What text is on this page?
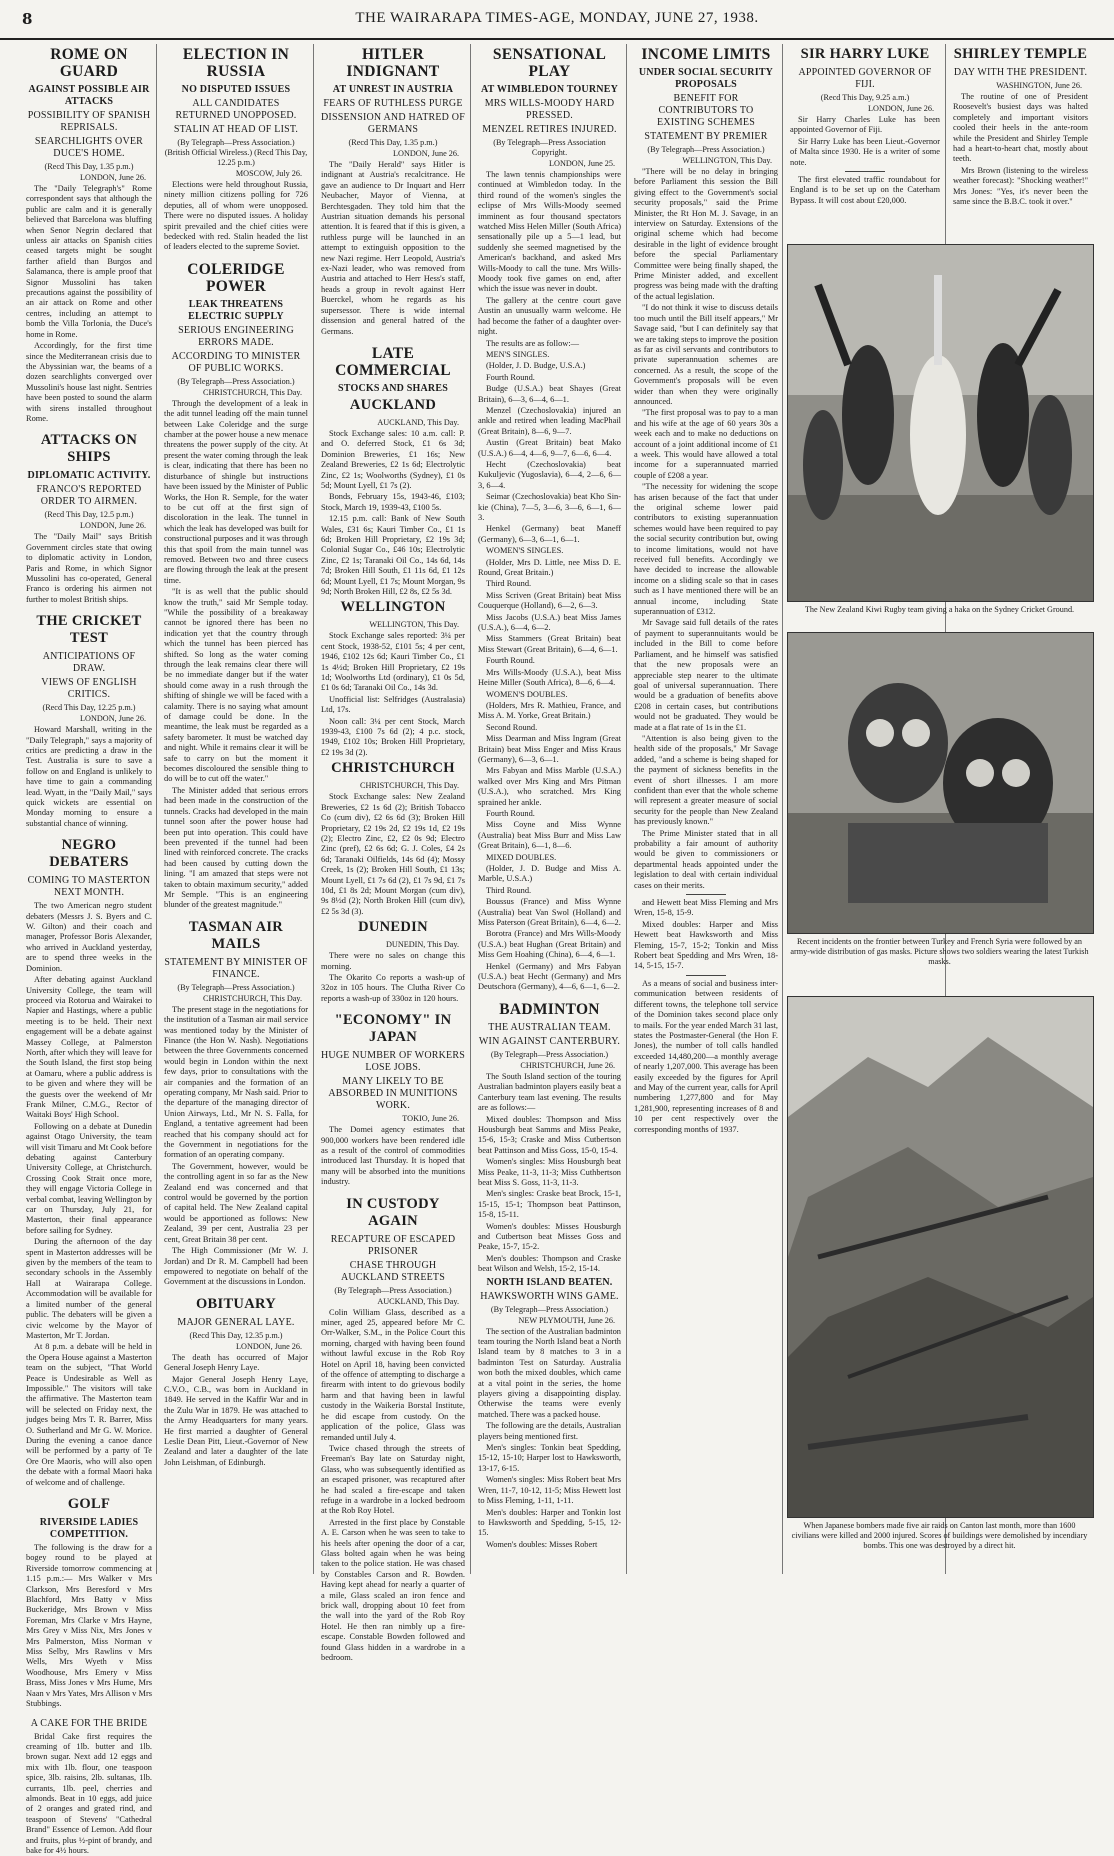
8	THE WAIRARAPA TIMES-AGE, MONDAY, JUNE 27, 1938.
ROME ON GUARD
AGAINST POSSIBLE AIR ATTACKS
POSSIBILITY OF SPANISH REPRISALS.
SEARCHLIGHTS OVER DUCE'S HOME.
(Recd This Day, 1.35 p.m.)
LONDON, June 26.

The "Daily Telegraph's" Rome correspondent says that although the public are calm and it is generally believed that Barcelona was bluffing when Senor Negrin declared that unless air attacks on Spanish cities ceased targets might be sought farther afield than Burgos and Salamanca, there is ample proof that Signor Mussolini has taken precautions against the possibility of an air attack on Rome and other centres, including an attempt to bomb the Villa Torlonia, the Duce's home in Rome.

Accordingly, for the first time since the Mediterranean crisis due to the Abyssinian war, the beams of a dozen searchlights converged over Mussolini's house last night. Sentries have been posted to sound the alarm with sirens installed throughout Rome.

ATTACKS ON SHIPS
DIPLOMATIC ACTIVITY.
FRANCO'S REPORTED ORDER TO AIRMEN.
(Recd This Day, 12.5 p.m.)
LONDON, June 26.

The "Daily Mail" says British Government circles state that owing to diplomatic activity in London, Paris and Rome, in which Signor Mussolini has co-operated, General Franco is ordering his airmen not further to molest British ships.

THE CRICKET TEST
ANTICIPATIONS OF DRAW.
VIEWS OF ENGLISH CRITICS.
(Recd This Day, 12.25 p.m.)
LONDON, June 26.

Howard Marshall, writing in the "Daily Telegraph," says a majority of critics are predicting a draw in the Test. Australia is sure to save a follow on and England is unlikely to have time to gain a commanding lead. Wyatt, in the "Daily Mail," says quick wickets are essential on Monday morning to ensure a substantial chance of winning.

NEGRO DEBATERS
COMING TO MASTERTON NEXT MONTH.

The two American negro student debaters (Messrs J. S. Byers and C. W. Gilton) and their coach and manager, Professor Boris Alexander, who arrived in Auckland yesterday, are to spend three weeks in the Dominion.

After debating against Auckland University College, the team will proceed via Rotorua and Wairakei to Napier and Hastings, where a public meeting is to be held. Their next engagement will be a debate against Massey College, at Palmerston North, after which they will leave for the South Island, the first stop being at Oamaru, where a public address is to be given and where they will be the guests over the weekend of Mr Frank Milner, C.M.G., Rector of Waitaki Boys' High School.

Following on a debate at Dunedin against Otago University, the team will visit Timaru and Mt Cook before debating against Canterbury University College, at Christchurch. Crossing Cook Strait once more, they will engage Victoria College in verbal combat, leaving Wellington by car on Thursday, July 21, for Masterton, their final appearance before sailing for Sydney.

During the afternoon of the day spent in Masterton addresses will be given by the members of the team to secondary schools in the Assembly Hall at Wairarapa College. Accommodation will be available for a limited number of the general public. The debaters will be given a civic welcome by the Mayor of Masterton, Mr T. Jordan.

At 8 p.m. a debate will be held in the Opera House against a Masterton team on the subject, "That World Peace is Undesirable as Well as Impossible." The visitors will take the affirmative. The Masterton team will be selected on Friday next, the judges being Mrs T. R. Barrer, Miss O. Sutherland and Mr G. W. Morice. During the evening a canoe dance will be performed by a party of Te Ore Ore Maoris, who will also open the debate with a formal Maori haka of welcome and of challenge.

GOLF
RIVERSIDE LADIES COMPETITION.

The following is the draw for a bogey round to be played at Riverside tomorrow commencing at 1.15 p.m.:— Mrs Walker v Mrs Clarkson, Mrs Beresford v Mrs Blachford, Mrs Batty v Miss Buckeridge, Mrs Brown v Miss Foreman, Mrs Clarke v Mrs Hayne, Mrs Grey v Miss Nix, Mrs Jones v Mrs Palmerston, Miss Norman v Miss Selby, Mrs Rawlins v Mrs Wells, Mrs Wyeth v Miss Woodhouse, Mrs Emery v Miss Brass, Miss Jones v Mrs Hume, Mrs Naan v Mrs Yates, Mrs Allison v Mrs Stubbings.

A CAKE FOR THE BRIDE

Bridal Cake first requires the creaming of 1lb. butter and 1lb. brown sugar. Next add 12 eggs and mix with 1lb. flour, one teaspoon spice, 3lb. raisins, 2lb. sultanas, 1lb. currants, 1lb. peel, cherries and almonds. Beat in 10 eggs, add juice of 2 oranges and grated rind, and teaspoon of Stevens' "Cathedral Brand" Essence of Lemon. Add flour and fruits, plus ½-pint of brandy, and bake for 4½ hours.

ELECTION IN RUSSIA
NO DISPUTED ISSUES
ALL CANDIDATES RETURNED UNOPPOSED.
STALIN AT HEAD OF LIST.
(By Telegraph—Press Association.) (British Official Wireless.) (Recd This Day, 12.25 p.m.)
MOSCOW, July 26.

Elections were held throughout Russia, ninety million citizens polling for 726 deputies, all of whom were unopposed. There were no disputed issues. A holiday spirit prevailed and the chief cities were bedecked with red. Stalin headed the list of leaders elected to the supreme Soviet.

COLERIDGE POWER
LEAK THREATENS ELECTRIC SUPPLY
SERIOUS ENGINEERING ERRORS MADE.
ACCORDING TO MINISTER OF PUBLIC WORKS.
(By Telegraph—Press Association.)
CHRISTCHURCH, This Day.

Through the development of a leak in the adit tunnel leading off the main tunnel between Lake Coleridge and the surge chamber at the power house a new menace threatens the power supply of the city. At present the water coming through the leak is clear, indicating that there has been no disturbance of shingle but instructions have been issued by the Minister of Public Works, the Hon R. Semple, for the water to be cut off at the first sign of discoloration in the leak. The tunnel in which the leak has developed was built for constructional purposes and it was through this that spoil from the main tunnel was removed. Between two and three cusecs are flowing through the leak at the present time.

"It is as well that the public should know the truth," said Mr Semple today. "While the possibility of a breakaway cannot be ignored there has been no indication yet that the country through which the tunnel has been pierced has shifted. So long as the water coming through the leak remains clear there will be no immediate danger but if the water should come away in a rush through the shifting of shingle we will be faced with a calamity. There is no saying what amount of damage could be done. In the meantime, the leak must be regarded as a safety barometer. It must be watched day and night. While it remains clear it will be safe to carry on but the moment it becomes discoloured the sensible thing to do will be to cut off the water."

The Minister added that serious errors had been made in the construction of the tunnels. Cracks had developed in the main tunnel soon after the power house had been put into operation. This could have been prevented if the tunnel had been lined with reinforced concrete. The cracks had been caused by cutting down the lining. "I am amazed that steps were not taken to obtain maximum security," added Mr Semple. "This is an engineering blunder of the greatest magnitude."

TASMAN AIR MAILS
STATEMENT BY MINISTER OF FINANCE.
(By Telegraph—Press Association.)
CHRISTCHURCH, This Day.

The present stage in the negotiations for the institution of a Tasman air mail service was mentioned today by the Minister of Finance (the Hon W. Nash). Negotiations between the three Governments concerned would begin in London within the next few days, prior to consultations with the air companies and the formation of an operating company, Mr Nash said. Prior to the departure of the managing director of Union Airways, Ltd., Mr N. S. Falla, for England, a tentative agreement had been reached that his company should act for the Government in negotiations for the formation of an operating company.

The Government, however, would be the controlling agent in so far as the New Zealand end was concerned and that control would be governed by the portion of capital held. The New Zealand capital would be apportioned as follows: New Zealand, 39 per cent, Australia 23 per cent, Great Britain 38 per cent.

The High Commissioner (Mr W. J. Jordan) and Dr R. M. Campbell had been empowered to negotiate on behalf of the Government at the discussions in London.

OBITUARY
MAJOR GENERAL LAYE.
(Recd This Day, 12.35 p.m.)
LONDON, June 26.

The death has occurred of Major General Joseph Henry Laye.

Major General Joseph Henry Laye, C.V.O., C.B., was born in Auckland in 1849. He served in the Kaffir War and in the Zulu War in 1879. He was attached to the Army Headquarters for many years. He first married a daughter of General Leslie Dean Pitt, Lieut.-Governor of New Zealand and later a daughter of the late John Leishman, of Edinburgh.

HITLER INDIGNANT
AT UNREST IN AUSTRIA
FEARS OF RUTHLESS PURGE
DISSENSION AND HATRED OF GERMANS
(Recd This Day, 1.35 p.m.)
LONDON, June 26.

The "Daily Herald" says Hitler is indignant at Austria's recalcitrance. He gave an audience to Dr Inquart and Herr Neubacher, Mayor of Vienna, at Berchtesgaden. They told him that the Austrian situation demands his personal attention. It is feared that if this is given, a ruthless purge will be launched in an attempt to extinguish opposition to the new Nazi regime. Herr Leopold, Austria's ex-Nazi leader, who was removed from Austria and attached to Herr Hess's staff, heads a group in revolt against Herr Buerckel, whom he regards as his supersessor. There is wide internal dissension and general hatred of the Germans.

LATE COMMERCIAL
STOCKS AND SHARES
AUCKLAND
AUCKLAND, This Day.

Stock Exchange sales: 10 a.m. call: P. and O. deferred Stock, £1 6s 3d; Dominion Breweries, £1 16s; New Zealand Breweries, £2 1s 6d; Electrolytic Zinc, £2 1s; Woolworths (Sydney), £1 0s 5d; Mount Lyell, £1 7s (2).

Bonds, February 15s, 1943-46, £103; Stock, March 19, 1939-43, £100 5s.

12.15 p.m. call: Bank of New South Wales, £31 6s; Kauri Timber Co., £1 1s 6d; Broken Hill Proprietary, £2 19s 3d; Colonial Sugar Co., £46 10s; Electrolytic Zinc, £2 1s; Taranaki Oil Co., 14s 6d, 14s 7d; Broken Hill South, £1 11s 6d, £1 12s 6d; Mount Lyell, £1 7s; Mount Morgan, 9s 9d; North Broken Hill, £2 8s, £2 5s 3d.

WELLINGTON
WELLINGTON, This Day.

Stock Exchange sales reported: 3¼ per cent Stock, 1938-52, £101 5s; 4 per cent, 1946, £102 12s 6d; Kauri Timber Co., £1 1s 4½d; Broken Hill Proprietary, £2 19s 1d; Woolworths Ltd (ordinary), £1 0s 5d, £1 0s 6d; Taranaki Oil Co., 14s 3d.

Unofficial list: Selfridges (Australasia) Ltd, 17s.

Noon call: 3¼ per cent Stock, March 1939-43, £100 7s 6d (2); 4 p.c. stock, 1949, £102 10s; Broken Hill Proprietary, £2 19s 3d (2).

CHRISTCHURCH
CHRISTCHURCH, This Day.

Stock Exchange sales: New Zealand Breweries, £2 1s 6d (2); British Tobacco Co (cum div), £2 6s 6d (3); Broken Hill Proprietary, £2 19s 2d, £2 19s 1d, £2 19s (2); Electro Zinc, £2, £2 0s 9d; Electro Zinc (pref), £2 6s 6d; G. J. Coles, £4 2s 6d; Taranaki Oilfields, 14s 6d (4); Mossy Creek, 1s (2); Broken Hill South, £1 13s; Mount Lyell, £1 7s 6d (2), £1 7s 9d, £1 7s 10d, £1 8s 2d; Mount Morgan (cum div), 9s 8½d (2); North Broken Hill (cum div), £2 5s 3d (3).

DUNEDIN
DUNEDIN, This Day.

There were no sales on change this morning.

The Okarito Co reports a wash-up of 32oz in 105 hours. The Clutha River Co reports a wash-up of 330oz in 120 hours.

"ECONOMY" IN JAPAN
HUGE NUMBER OF WORKERS LOSE JOBS.
MANY LIKELY TO BE ABSORBED IN MUNITIONS WORK.
TOKIO, June 26.

The Domei agency estimates that 900,000 workers have been rendered idle as a result of the control of commodities introduced last Thursday. It is hoped that many will be absorbed into the munitions industry.

IN CUSTODY AGAIN
RECAPTURE OF ESCAPED PRISONER
CHASE THROUGH AUCKLAND STREETS
(By Telegraph—Press Association.)
AUCKLAND, This Day.

Colin William Glass, described as a miner, aged 25, appeared before Mr C. Orr-Walker, S.M., in the Police Court this morning, charged with having been found without lawful excuse in the Rob Roy Hotel on April 18, having been convicted of the offence of attempting to discharge a firearm with intent to do grievous bodily harm and that having been in lawful custody in the Waikeria Borstal Institute, he did escape from custody. On the application of the police, Glass was remanded until July 4.

Twice chased through the streets of Freeman's Bay late on Saturday night, Glass, who was subsequently identified as an escaped prisoner, was recaptured after he had scaled a fire-escape and taken refuge in a wardrobe in a locked bedroom at the Rob Roy Hotel.

Arrested in the first place by Constable A. E. Carson when he was seen to take to his heels after opening the door of a car, Glass bolted again when he was being taken to the police station. He was chased by Constables Carson and R. Bowden. Having kept ahead for nearly a quarter of a mile, Glass scaled an iron fence and brick wall, dropping about 10 feet from the wall into the yard of the Rob Roy Hotel. He then ran nimbly up a fire-escape. Constable Bowden followed and found Glass hidden in a wardrobe in a bedroom.

SENSATIONAL PLAY
AT WIMBLEDON TOURNEY
MRS WILLS-MOODY HARD PRESSED.
MENZEL RETIRES INJURED.
(By Telegraph—Press Association Copyright.
LONDON, June 25.

The lawn tennis championships were continued at Wimbledon today. In the third round of the women's singles the eclipse of Mrs Wills-Moody seemed imminent as four thousand spectators watched Miss Helen Miller (South Africa) sensationally pile up a 5—1 lead, but suddenly she seemed magnetised by the American's backhand, and asked Mrs Wills-Moody to call the tune. Mrs Wills-Moody took five games on end, after which the issue was never in doubt.

The gallery at the centre court gave Austin an unusually warm welcome. He had become the father of a daughter over-night.

The results are as follow:—

MEN'S SINGLES.

(Holder, J. D. Budge, U.S.A.)

Fourth Round.

Budge (U.S.A.) beat Shayes (Great Britain), 6—3, 6—4, 6—1.

Menzel (Czechoslovakia) injured an ankle and retired when leading MacPhail (Great Britain), 8—6, 9—7.

Austin (Great Britain) beat Mako (U.S.A.) 6—4, 4—6, 9—7, 6—6, 6—4.

Hecht (Czechoslovakia) beat Kukuljevic (Yugoslavia), 6—4, 2—6, 6—3, 6—4.

Seimar (Czechoslovakia) beat Kho Sin-kie (China), 7—5, 3—6, 3—6, 6—1, 6—3.

Henkel (Germany) beat Maneff (Germany), 6—3, 6—1, 6—1.

WOMEN'S SINGLES.

(Holder, Mrs D. Little, nee Miss D. E. Round, Great Britain.)

Third Round.

Miss Scriven (Great Britain) beat Miss Couquerque (Holland), 6—2, 6—3.

Miss Jacobs (U.S.A.) beat Miss James (U.S.A.), 6—4, 6—2.

Miss Stammers (Great Britain) beat Miss Stewart (Great Britain), 6—4, 6—1.

Fourth Round.

Mrs Wills-Moody (U.S.A.), beat Miss Heine Miller (South Africa), 8—6, 6—4.

WOMEN'S DOUBLES.

(Holders, Mrs R. Mathieu, France, and Miss A. M. Yorke, Great Britain.)

Second Round.

Miss Dearman and Miss Ingram (Great Britain) beat Miss Enger and Miss Kraus (Germany), 6—3, 6—1.

Mrs Fabyan and Miss Marble (U.S.A.) walked over Mrs King and Mrs Pitman (U.S.A.), who scratched. Mrs King sprained her ankle.

Fourth Round.

Miss Coyne and Miss Wynne (Australia) beat Miss Burr and Miss Law (Great Britain), 6—1, 8—6.

MIXED DOUBLES.

(Holder, J. D. Budge and Miss A. Marble, U.S.A.)

Third Round.

Boussus (France) and Miss Wynne (Australia) beat Van Swol (Holland) and Miss Paterson (Great Britain), 6—4, 6—2.

Borotra (France) and Mrs Wills-Moody (U.S.A.) beat Hughan (Great Britain) and Miss Gem Hoahing (China), 6—4, 6—1.

Henkel (Germany) and Mrs Fabyan (U.S.A.) beat Hecht (Germany) and Mrs Deutschora (Germany), 4—6, 6—1, 6—2.

BADMINTON
THE AUSTRALIAN TEAM.
WIN AGAINST CANTERBURY.
(By Telegraph—Press Association.)
CHRISTCHURCH, June 26.

The South Island section of the touring Australian badminton players easily beat a Canterbury team last evening. The results are as follows:—

Mixed doubles: Thompson and Miss Housburgh beat Samms and Miss Peake, 15-6, 15-3; Craske and Miss Cutbertson beat Pattinson and Miss Goss, 15-0, 15-4.

Women's singles: Miss Housburgh beat Miss Peake, 11-3, 11-3; Miss Cuthbertson beat Miss S. Goss, 11-3, 11-3.

Men's singles: Craske beat Brock, 15-1, 15-15, 15-1; Thompson beat Pattinson, 15-8, 15-11.

Women's doubles: Misses Housburgh and Cutbertson beat Misses Goss and Peake, 15-7, 15-2.

Men's doubles: Thompson and Craske beat Wilson and Welsh, 15-2, 15-14.

NORTH ISLAND BEATEN.
HAWKSWORTH WINS GAME.
(By Telegraph—Press Association.)
NEW PLYMOUTH, June 26.

The section of the Australian badminton team touring the North Island beat a North Island team by 8 matches to 3 in a badminton Test on Saturday. Australia won both the mixed doubles, which came at a vital point in the series, the home players giving a disappointing display. Otherwise the teams were evenly matched. There was a packed house.

The following are the details, Australian players being mentioned first.

Men's singles: Tonkin beat Spedding, 15-12, 15-10; Harper lost to Hawksworth, 13-17, 6-15.

Women's singles: Miss Robert beat Mrs Wren, 11-7, 10-12, 11-5; Miss Hewett lost to Miss Fleming, 1-11, 1-11.

Men's doubles: Harper and Tonkin lost to Hawksworth and Spedding, 5-15, 12-15.

Women's doubles: Misses Robert

INCOME LIMITS
UNDER SOCIAL SECURITY PROPOSALS
BENEFIT FOR CONTRIBUTORS TO EXISTING SCHEMES
STATEMENT BY PREMIER
(By Telegraph—Press Association.)
WELLINGTON, This Day.

"There will be no delay in bringing before Parliament this session the Bill giving effect to the Government's social security proposals," said the Prime Minister, the Rt Hon M. J. Savage, in an interview on Saturday. Extensions of the original scheme which had become desirable in the light of evidence brought before the special Parliamentary Committee were being finally shaped, the Prime Minister added, and excellent progress was being made with the drafting of the actual legislation.

"I do not think it wise to discuss details too much until the Bill itself appears," Mr Savage said, "but I can definitely say that we are taking steps to improve the position as far as civil servants and contributors to private superannuation schemes are concerned. As a result, the scope of the Government's proposals will be even wider than when they were originally announced.

"The first proposal was to pay to a man and his wife at the age of 60 years 30s a week each and to make no deductions on account of a joint additional income of £1 a week. This would have allowed a total income for a superannuated married couple of £208 a year.

"The necessity for widening the scope has arisen because of the fact that under the original scheme lower paid contributors to existing superannuation schemes would have been required to pay the social security contribution but, owing to income limitations, would not have received full benefits. Accordingly we have decided to increase the allowable income on a sliding scale so that in cases such as I have mentioned there will be an annual income, including State superannuation of £312.

Mr Savage said full details of the rates of payment to superannuitants would be included in the Bill to come before Parliament, and he himself was satisfied that the new proposals were an appreciable step nearer to the ultimate goal of universal superannuation. There would be a graduation of benefits above £208 in certain cases, but contributions would not be graduated. They would be made at a flat rate of 1s in the £1.

"Attention is also being given to the health side of the proposals," Mr Savage added, "and a scheme is being shaped for the payment of sickness benefits in the event of short illnesses. I am more confident than ever that the whole scheme will represent a greater measure of social security for the people than New Zealand has previously known."

The Prime Minister stated that in all probability a fair amount of authority would be given to commissioners or departmental heads appointed under the legislation to deal with certain individual cases on their merits.

and Hewett beat Miss Fleming and Mrs Wren, 15-8, 15-9.

Mixed doubles: Harper and Miss Hewett beat Hawksworth and Miss Fleming, 15-7, 15-2; Tonkin and Miss Robert beat Spedding and Mrs Wren, 18-14, 5-15, 15-7.

As a means of social and business inter-communication between residents of different towns, the telephone toll service of the Dominion takes second place only to mails. For the year ended March 31 last, states the Postmaster-General (the Hon F. Jones), the number of toll calls handled exceeded 14,480,200—a monthly average of nearly 1,207,000. This average has been easily exceeded by the figures for April and May of the current year, calls for April numbering 1,277,800 and for May 1,281,900, representing increases of 8 and 10 per cent respectively over the corresponding months of 1937.

SIR HARRY LUKE
APPOINTED GOVERNOR OF FIJI.
(Recd This Day, 9.25 a.m.)
LONDON, June 26.

Sir Harry Charles Luke has been appointed Governor of Fiji.

Sir Harry Luke has been Lieut.-Governor of Malta since 1930. He is a writer of some note.

The first elevated traffic roundabout for England is to be set up on the Caterham Bypass. It will cost about £20,000.

SHIRLEY TEMPLE
DAY WITH THE PRESIDENT.
WASHINGTON, June 26.

The routine of one of President Roosevelt's busiest days was halted completely and important visitors cooled their heels in the ante-room while the President and Shirley Temple had a heart-to-heart chat, mostly about teeth.

Mrs Brown (listening to the wireless weather forecast): "Shocking weather!" Mrs Jones: "Yes, it's never been the same since the B.B.C. took it over."

The New Zealand Kiwi Rugby team giving a haka on the Sydney Cricket Ground.
Recent incidents on the frontier between Turkey and French Syria were followed by an army-wide distribution of gas masks. Picture shows two soldiers wearing the latest Turkish masks.
When Japanese bombers made five air raids on Canton last month, more than 1600 civilians were killed and 2000 injured. Scores of buildings were demolished by incendiary bombs. This one was destroyed by a direct hit.
